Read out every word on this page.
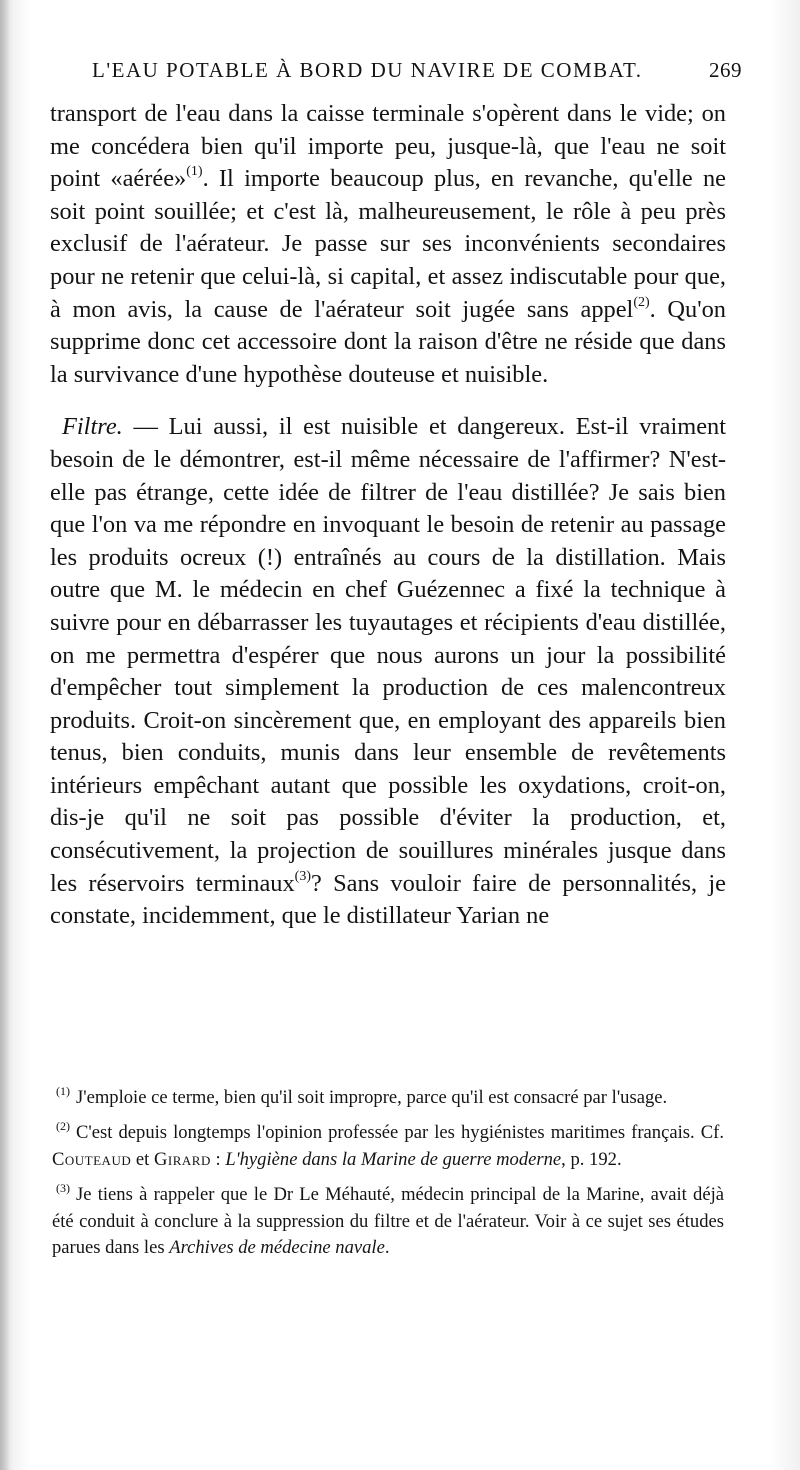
L'EAU POTABLE À BORD DU NAVIRE DE COMBAT.	269

transport de l'eau dans la caisse terminale s'opèrent dans le vide; on me concédera bien qu'il importe peu, jusque-là, que l'eau ne soit point «aérée»$^{(1)}$. Il importe beaucoup plus, en revanche, qu'elle ne soit point souillée; et c'est là, malheureusement, le rôle à peu près exclusif de l'aérateur. Je passe sur ses inconvénients secondaires pour ne retenir que celui-là, si capital, et assez indiscutable pour que, à mon avis, la cause de l'aérateur soit jugée sans appel$^{(2)}$. Qu'on supprime donc cet accessoire dont la raison d'être ne réside que dans la survivance d'une hypothèse douteuse et nuisible.

Filtre. — Lui aussi, il est nuisible et dangereux. Est-il vraiment besoin de le démontrer, est-il même nécessaire de l'affirmer? N'est-elle pas étrange, cette idée de filtrer de l'eau distillée? Je sais bien que l'on va me répondre en invoquant le besoin de retenir au passage les produits ocreux (!) entraînés au cours de la distillation. Mais outre que M. le médecin en chef Guézennec a fixé la technique à suivre pour en débarrasser les tuyautages et récipients d'eau distillée, on me permettra d'espérer que nous aurons un jour la possibilité d'empêcher tout simplement la production de ces malencontreux produits. Croit-on sincèrement que, en employant des appareils bien tenus, bien conduits, munis dans leur ensemble de revêtements intérieurs empêchant autant que possible les oxydations, croit-on, dis-je qu'il ne soit pas possible d'éviter la production, et, consécutivement, la projection de souillures minérales jusque dans les réservoirs terminaux$^{(3)}$? Sans vouloir faire de personnalités, je constate, incidemment, que le distillateur Yarian ne

$^{(1)}$ J'emploie ce terme, bien qu'il soit impropre, parce qu'il est consacré par l'usage.

$^{(2)}$ C'est depuis longtemps l'opinion professée par les hygiénistes maritimes français. Cf. Couteaud et Girard : L'hygiène dans la Marine de guerre moderne, p. 192.

$^{(3)}$ Je tiens à rappeler que le Dr Le Méhauté, médecin principal de la Marine, avait déjà été conduit à conclure à la suppression du filtre et de l'aérateur. Voir à ce sujet ses études parues dans les Archives de médecine navale.
